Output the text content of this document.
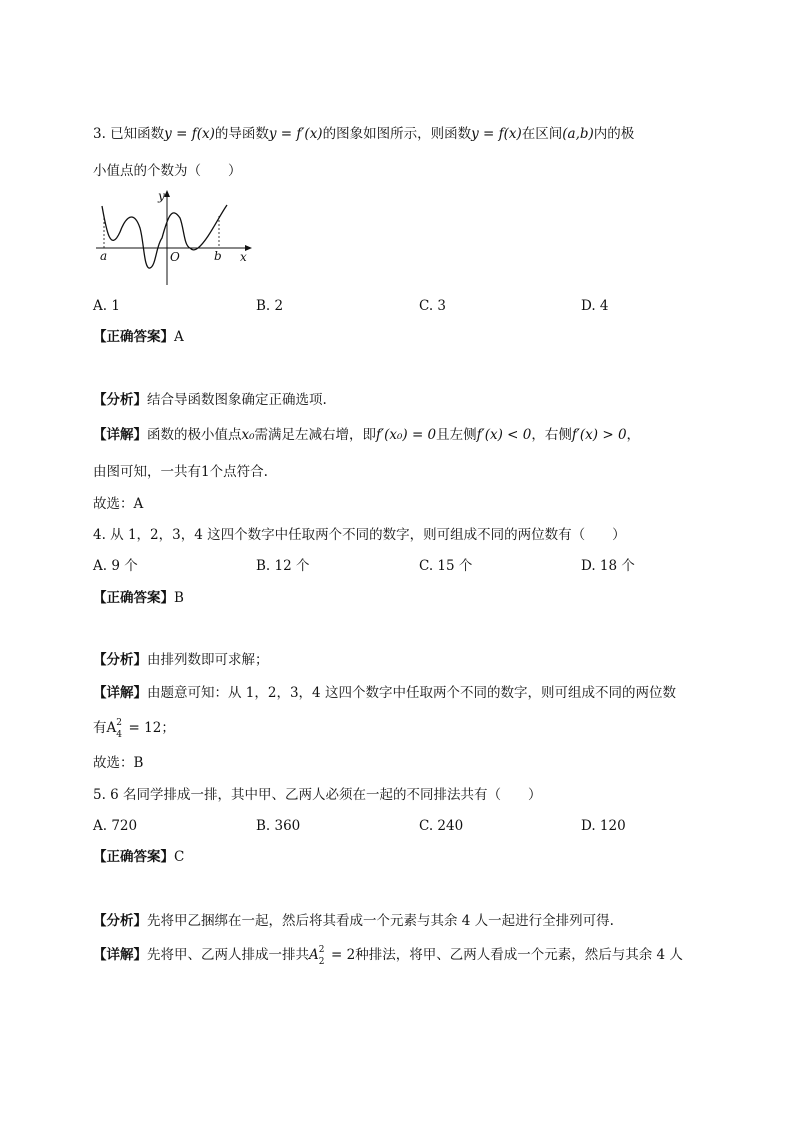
3. 已知函数y = f(x)的导函数y = f′(x)的图象如图所示，则函数y = f(x)在区间(a,b)内的极
小值点的个数为（　　）
y
x
O
a	b
A. 1	B. 2	C. 3	D. 4
【正确答案】A
【分析】结合导函数图象确定正确选项.
【详解】函数的极小值点x₀需满足左减右增，即f′(x₀) = 0且左侧f′(x) < 0，右侧f′(x) > 0，
由图可知，一共有1个点符合.
故选：A
4. 从 1，2，3，4 这四个数字中任取两个不同的数字，则可组成不同的两位数有（　　）
A. 9 个	B. 12 个	C. 15 个	D. 18 个
【正确答案】B
【分析】由排列数即可求解；
【详解】由题意可知：从 1，2，3，4 这四个数字中任取两个不同的数字，则可组成不同的两位数
有A 2
4 = 12；
故选：B
5. 6 名同学排成一排，其中甲、乙两人必须在一起的不同排法共有（　　）
A. 720	B. 360	C. 240	D. 120
【正确答案】C
【分析】先将甲乙捆绑在一起，然后将其看成一个元素与其余 4 人一起进行全排列可得.
【详解】先将甲、乙两人排成一排共A 2
2 = 2种排法，将甲、乙两人看成一个元素，然后与其余 4 人
